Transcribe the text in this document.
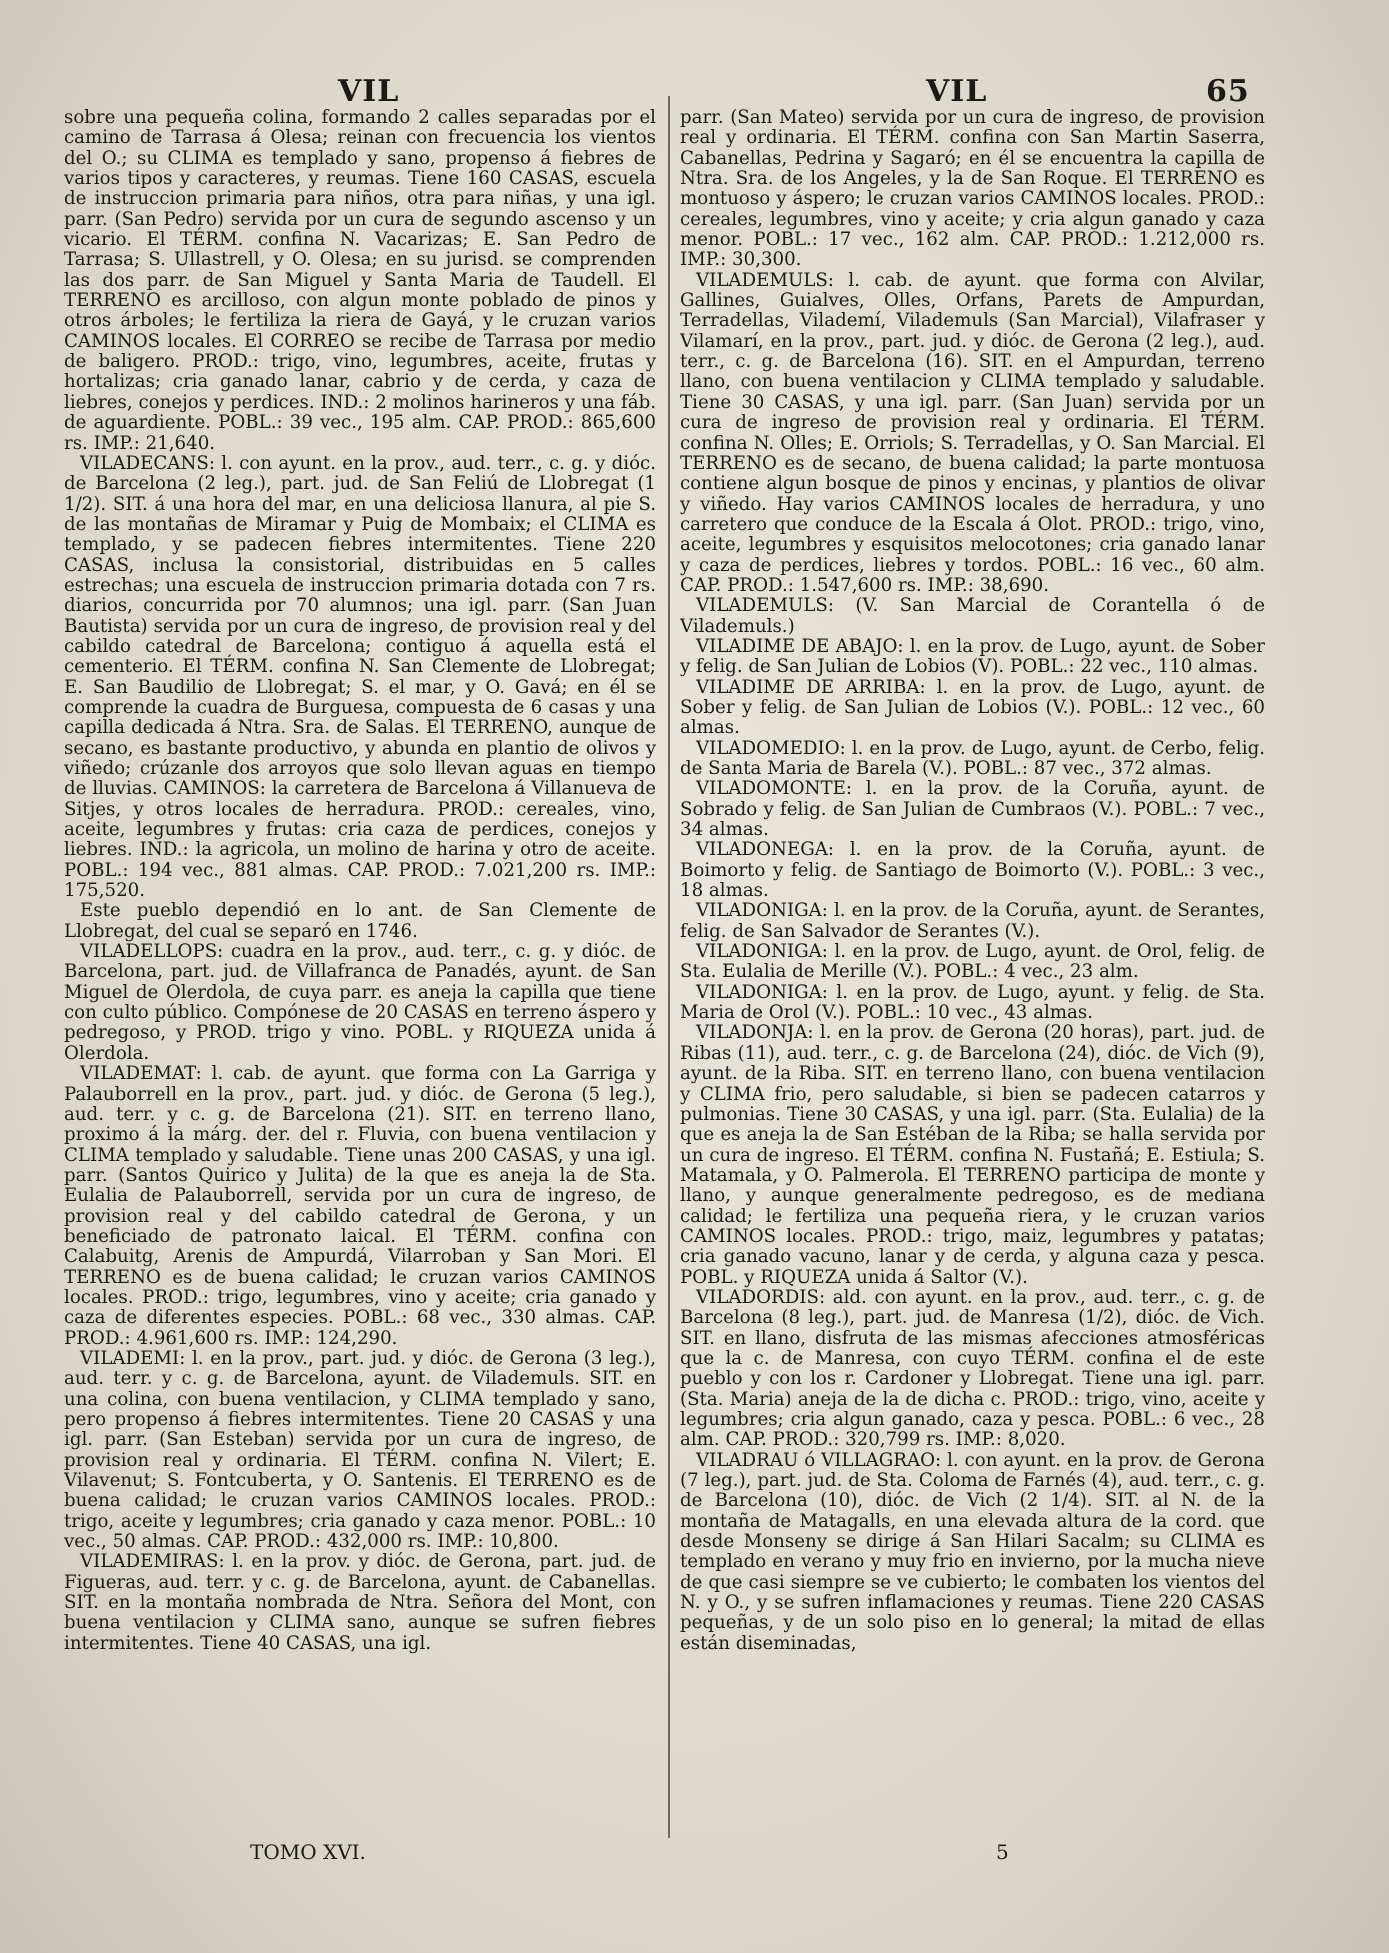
VIL	VIL	65

sobre una pequeña colina, formando 2 calles separadas por el camino de Tarrasa á Olesa; reinan con frecuencia los vientos del O.; su CLIMA es templado y sano, propenso á fiebres de varios tipos y caracteres, y reumas. Tiene 160 CASAS, escuela de instruccion primaria para niños, otra para niñas, y una igl. parr. (San Pedro) servida por un cura de segundo ascenso y un vicario. El TÉRM. confina N. Vacarizas; E. San Pedro de Tarrasa; S. Ullastrell, y O. Olesa; en su jurisd. se comprenden las dos parr. de San Miguel y Santa Maria de Taudell. El TERRENO es arcilloso, con algun monte poblado de pinos y otros árboles; le fertiliza la riera de Gayá, y le cruzan varios CAMINOS locales. El CORREO se recibe de Tarrasa por medio de baligero. PROD.: trigo, vino, legumbres, aceite, frutas y hortalizas; cria ganado lanar, cabrio y de cerda, y caza de liebres, conejos y perdices. IND.: 2 molinos harineros y una fáb. de aguardiente. POBL.: 39 vec., 195 alm. CAP. PROD.: 865,600 rs. IMP.: 21,640.

VILADECANS: l. con ayunt. en la prov., aud. terr., c. g. y dióc. de Barcelona (2 leg.), part. jud. de San Feliú de Llobregat (1 1/2). SIT. á una hora del mar, en una deliciosa llanura, al pie S. de las montañas de Miramar y Puig de Mombaix; el CLIMA es templado, y se padecen fiebres intermitentes. Tiene 220 CASAS, inclusa la consistorial, distribuidas en 5 calles estrechas; una escuela de instruccion primaria dotada con 7 rs. diarios, concurrida por 70 alumnos; una igl. parr. (San Juan Bautista) servida por un cura de ingreso, de provision real y del cabildo catedral de Barcelona; contiguo á aquella está el cementerio. El TÉRM. confina N. San Clemente de Llobregat; E. San Baudilio de Llobregat; S. el mar, y O. Gavá; en él se comprende la cuadra de Burguesa, compuesta de 6 casas y una capilla dedicada á Ntra. Sra. de Salas. El TERRENO, aunque de secano, es bastante productivo, y abunda en plantio de olivos y viñedo; crúzanle dos arroyos que solo llevan aguas en tiempo de lluvias. CAMINOS: la carretera de Barcelona á Villanueva de Sitjes, y otros locales de herradura. PROD.: cereales, vino, aceite, legumbres y frutas: cria caza de perdices, conejos y liebres. IND.: la agricola, un molino de harina y otro de aceite. POBL.: 194 vec., 881 almas. CAP. PROD.: 7.021,200 rs. IMP.: 175,520.

Este pueblo dependió en lo ant. de San Clemente de Llobregat, del cual se separó en 1746.

VILADELLOPS: cuadra en la prov., aud. terr., c. g. y dióc. de Barcelona, part. jud. de Villafranca de Panadés, ayunt. de San Miguel de Olerdola, de cuya parr. es aneja la capilla que tiene con culto público. Compónese de 20 CASAS en terreno áspero y pedregoso, y PROD. trigo y vino. POBL. y RIQUEZA unida á Olerdola.

VILADEMAT: l. cab. de ayunt. que forma con La Garriga y Palauborrell en la prov., part. jud. y dióc. de Gerona (5 leg.), aud. terr. y c. g. de Barcelona (21). SIT. en terreno llano, proximo á la márg. der. del r. Fluvia, con buena ventilacion y CLIMA templado y saludable. Tiene unas 200 CASAS, y una igl. parr. (Santos Quirico y Julita) de la que es aneja la de Sta. Eulalia de Palauborrell, servida por un cura de ingreso, de provision real y del cabildo catedral de Gerona, y un beneficiado de patronato laical. El TÉRM. confina con Calabuitg, Arenis de Ampurdá, Vilarroban y San Mori. El TERRENO es de buena calidad; le cruzan varios CAMINOS locales. PROD.: trigo, legumbres, vino y aceite; cria ganado y caza de diferentes especies. POBL.: 68 vec., 330 almas. CAP. PROD.: 4.961,600 rs. IMP.: 124,290.

VILADEMI: l. en la prov., part. jud. y dióc. de Gerona (3 leg.), aud. terr. y c. g. de Barcelona, ayunt. de Vilademuls. SIT. en una colina, con buena ventilacion, y CLIMA templado y sano, pero propenso á fiebres intermitentes. Tiene 20 CASAS y una igl. parr. (San Esteban) servida por un cura de ingreso, de provision real y ordinaria. El TÉRM. confina N. Vilert; E. Vilavenut; S. Fontcuberta, y O. Santenis. El TERRENO es de buena calidad; le cruzan varios CAMINOS locales. PROD.: trigo, aceite y legumbres; cria ganado y caza menor. POBL.: 10 vec., 50 almas. CAP. PROD.: 432,000 rs. IMP.: 10,800.

VILADEMIRAS: l. en la prov. y dióc. de Gerona, part. jud. de Figueras, aud. terr. y c. g. de Barcelona, ayunt. de Cabanellas. SIT. en la montaña nombrada de Ntra. Señora del Mont, con buena ventilacion y CLIMA sano, aunque se sufren fiebres intermitentes. Tiene 40 CASAS, una igl.

parr. (San Mateo) servida por un cura de ingreso, de provision real y ordinaria. El TÉRM. confina con San Martin Saserra, Cabanellas, Pedrina y Sagaró; en él se encuentra la capilla de Ntra. Sra. de los Angeles, y la de San Roque. El TERRENO es montuoso y áspero; le cruzan varios CAMINOS locales. PROD.: cereales, legumbres, vino y aceite; y cria algun ganado y caza menor. POBL.: 17 vec., 162 alm. CAP. PROD.: 1.212,000 rs. IMP.: 30,300.

VILADEMULS: l. cab. de ayunt. que forma con Alvilar, Gallines, Guialves, Olles, Orfans, Parets de Ampurdan, Terradellas, Vilademí, Vilademuls (San Marcial), Vilafraser y Vilamarí, en la prov., part. jud. y dióc. de Gerona (2 leg.), aud. terr., c. g. de Barcelona (16). SIT. en el Ampurdan, terreno llano, con buena ventilacion y CLIMA templado y saludable. Tiene 30 CASAS, y una igl. parr. (San Juan) servida por un cura de ingreso de provision real y ordinaria. El TÉRM. confina N. Olles; E. Orriols; S. Terradellas, y O. San Marcial. El TERRENO es de secano, de buena calidad; la parte montuosa contiene algun bosque de pinos y encinas, y plantios de olivar y viñedo. Hay varios CAMINOS locales de herradura, y uno carretero que conduce de la Escala á Olot. PROD.: trigo, vino, aceite, legumbres y esquisitos melocotones; cria ganado lanar y caza de perdices, liebres y tordos. POBL.: 16 vec., 60 alm. CAP. PROD.: 1.547,600 rs. IMP.: 38,690.

VILADEMULS: (V. San Marcial de Corantella ó de Vilademuls.)

VILADIME DE ABAJO: l. en la prov. de Lugo, ayunt. de Sober y felig. de San Julian de Lobios (V). POBL.: 22 vec., 110 almas.

VILADIME DE ARRIBA: l. en la prov. de Lugo, ayunt. de Sober y felig. de San Julian de Lobios (V.). POBL.: 12 vec., 60 almas.

VILADOMEDIO: l. en la prov. de Lugo, ayunt. de Cerbo, felig. de Santa Maria de Barela (V.). POBL.: 87 vec., 372 almas.

VILADOMONTE: l. en la prov. de la Coruña, ayunt. de Sobrado y felig. de San Julian de Cumbraos (V.). POBL.: 7 vec., 34 almas.

VILADONEGA: l. en la prov. de la Coruña, ayunt. de Boimorto y felig. de Santiago de Boimorto (V.). POBL.: 3 vec., 18 almas.

VILADONIGA: l. en la prov. de la Coruña, ayunt. de Serantes, felig. de San Salvador de Serantes (V.).

VILADONIGA: l. en la prov. de Lugo, ayunt. de Orol, felig. de Sta. Eulalia de Merille (V.). POBL.: 4 vec., 23 alm.

VILADONIGA: l. en la prov. de Lugo, ayunt. y felig. de Sta. Maria de Orol (V.). POBL.: 10 vec., 43 almas.

VILADONJA: l. en la prov. de Gerona (20 horas), part. jud. de Ribas (11), aud. terr., c. g. de Barcelona (24), dióc. de Vich (9), ayunt. de la Riba. SIT. en terreno llano, con buena ventilacion y CLIMA frio, pero saludable, si bien se padecen catarros y pulmonias. Tiene 30 CASAS, y una igl. parr. (Sta. Eulalia) de la que es aneja la de San Estéban de la Riba; se halla servida por un cura de ingreso. El TÉRM. confina N. Fustañá; E. Estiula; S. Matamala, y O. Palmerola. El TERRENO participa de monte y llano, y aunque generalmente pedregoso, es de mediana calidad; le fertiliza una pequeña riera, y le cruzan varios CAMINOS locales. PROD.: trigo, maiz, legumbres y patatas; cria ganado vacuno, lanar y de cerda, y alguna caza y pesca. POBL. y RIQUEZA unida á Saltor (V.).

VILADORDIS: ald. con ayunt. en la prov., aud. terr., c. g. de Barcelona (8 leg.), part. jud. de Manresa (1/2), dióc. de Vich. SIT. en llano, disfruta de las mismas afecciones atmosféricas que la c. de Manresa, con cuyo TÉRM. confina el de este pueblo y con los r. Cardoner y Llobregat. Tiene una igl. parr. (Sta. Maria) aneja de la de dicha c. PROD.: trigo, vino, aceite y legumbres; cria algun ganado, caza y pesca. POBL.: 6 vec., 28 alm. CAP. PROD.: 320,799 rs. IMP.: 8,020.

VILADRAU ó VILLAGRAO: l. con ayunt. en la prov. de Gerona (7 leg.), part. jud. de Sta. Coloma de Farnés (4), aud. terr., c. g. de Barcelona (10), dióc. de Vich (2 1/4). SIT. al N. de la montaña de Matagalls, en una elevada altura de la cord. que desde Monseny se dirige á San Hilari Sacalm; su CLIMA es templado en verano y muy frio en invierno, por la mucha nieve de que casi siempre se ve cubierto; le combaten los vientos del N. y O., y se sufren inflamaciones y reumas. Tiene 220 CASAS pequeñas, y de un solo piso en lo general; la mitad de ellas están diseminadas,

TOMO XVI.	5
